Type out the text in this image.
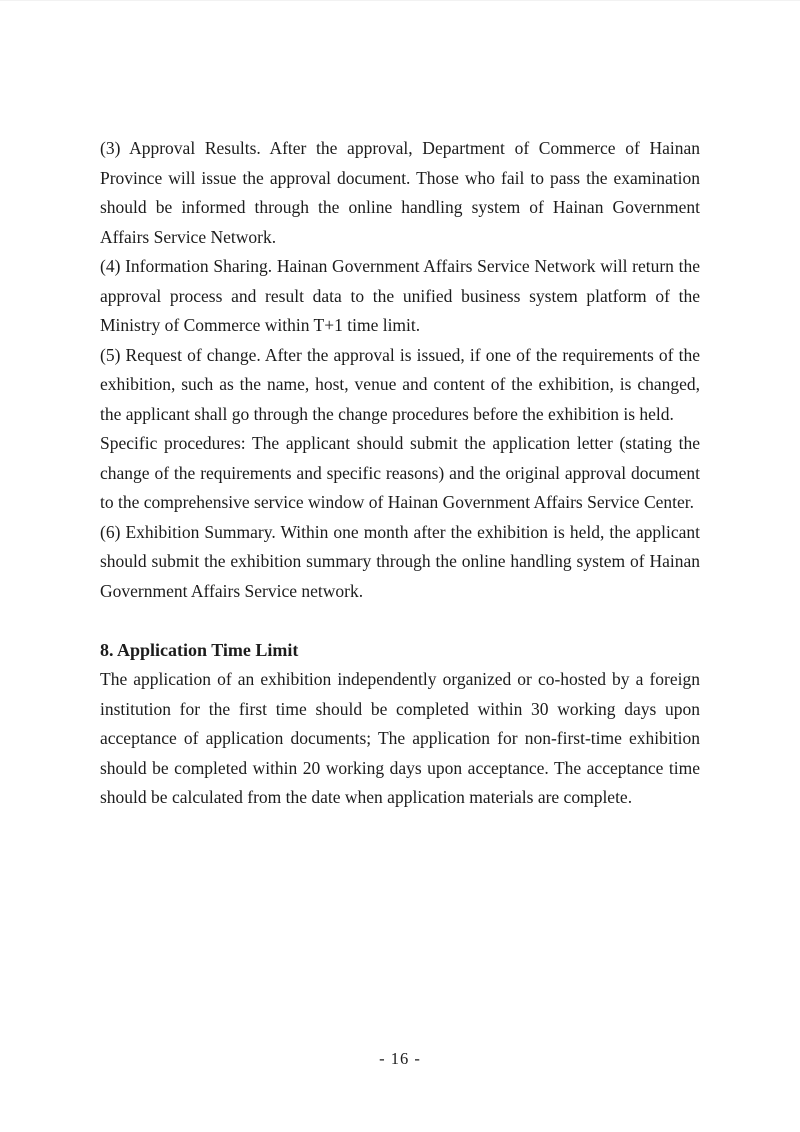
(3) Approval Results. After the approval, Department of Commerce of Hainan Province will issue the approval document. Those who fail to pass the examination should be informed through the online handling system of Hainan Government Affairs Service Network.

(4) Information Sharing. Hainan Government Affairs Service Network will return the approval process and result data to the unified business system platform of the Ministry of Commerce within T+1 time limit.

(5) Request of change. After the approval is issued, if one of the requirements of the exhibition, such as the name, host, venue and content of the exhibition, is changed, the applicant shall go through the change procedures before the exhibition is held.

Specific procedures: The applicant should submit the application letter (stating the change of the requirements and specific reasons) and the original approval document to the comprehensive service window of Hainan Government Affairs Service Center.

(6) Exhibition Summary. Within one month after the exhibition is held, the applicant should submit the exhibition summary through the online handling system of Hainan Government Affairs Service network.

8. Application Time Limit

The application of an exhibition independently organized or co-hosted by a foreign institution for the first time should be completed within 30 working days upon acceptance of application documents; The application for non-first-time exhibition should be completed within 20 working days upon acceptance. The acceptance time should be calculated from the date when application materials are complete.

- 16 -
